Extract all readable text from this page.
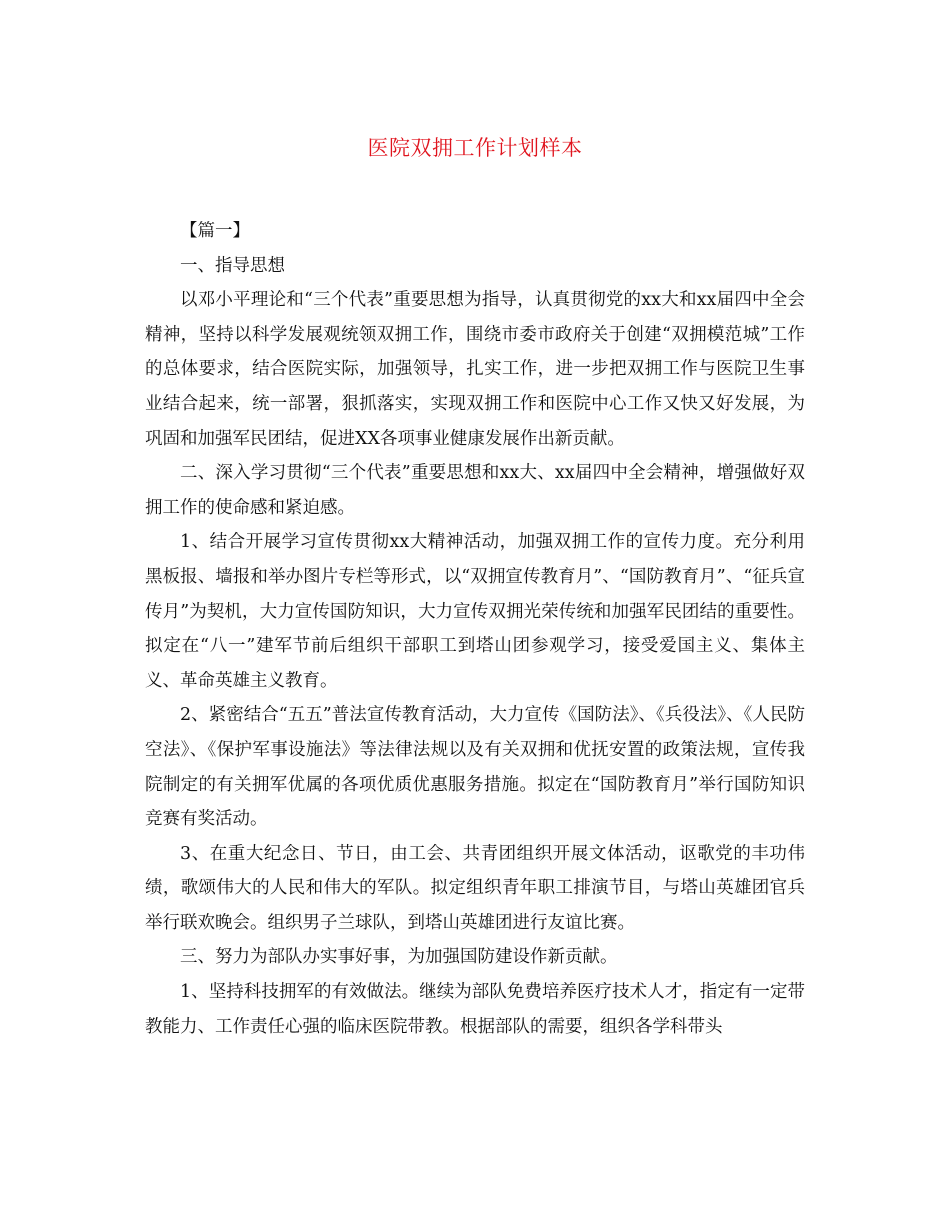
医院双拥工作计划样本

【篇一】

一、指导思想

以邓小平理论和“三个代表”重要思想为指导，认真贯彻党的xx大和xx届四中全会精神，坚持以科学发展观统领双拥工作，围绕市委市政府关于创建“双拥模范城”工作的总体要求，结合医院实际，加强领导，扎实工作，进一步把双拥工作与医院卫生事业结合起来，统一部署，狠抓落实，实现双拥工作和医院中心工作又快又好发展，为巩固和加强军民团结，促进XX各项事业健康发展作出新贡献。

二、深入学习贯彻“三个代表”重要思想和xx大、xx届四中全会精神，增强做好双拥工作的使命感和紧迫感。

1、结合开展学习宣传贯彻xx大精神活动，加强双拥工作的宣传力度。充分利用黑板报、墙报和举办图片专栏等形式，以“双拥宣传教育月”、“国防教育月”、“征兵宣传月”为契机，大力宣传国防知识，大力宣传双拥光荣传统和加强军民团结的重要性。拟定在“八一”建军节前后组织干部职工到塔山团参观学习，接受爱国主义、集体主义、革命英雄主义教育。

2、紧密结合“五五”普法宣传教育活动，大力宣传《国防法》、《兵役法》、《人民防空法》、《保护军事设施法》等法律法规以及有关双拥和优抚安置的政策法规，宣传我院制定的有关拥军优属的各项优质优惠服务措施。拟定在“国防教育月”举行国防知识竞赛有奖活动。

3、在重大纪念日、节日，由工会、共青团组织开展文体活动，讴歌党的丰功伟绩，歌颂伟大的人民和伟大的军队。拟定组织青年职工排演节目，与塔山英雄团官兵举行联欢晚会。组织男子兰球队，到塔山英雄团进行友谊比赛。

三、努力为部队办实事好事，为加强国防建设作新贡献。

1、坚持科技拥军的有效做法。继续为部队免费培养医疗技术人才，指定有一定带教能力、工作责任心强的临床医院带教。根据部队的需要，组织各学科带头
